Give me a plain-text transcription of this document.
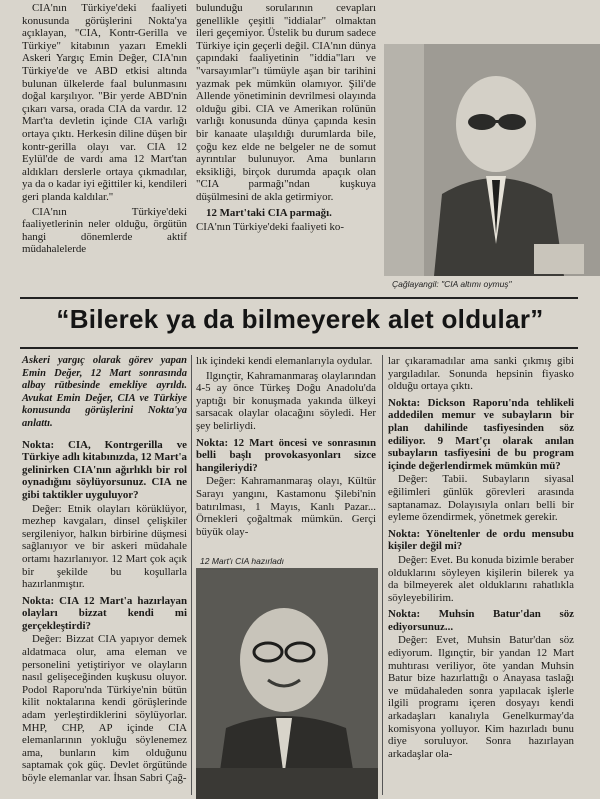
CIA'nın Türkiye'deki faaliyeti konusunda görüşlerini Nokta'ya açıklayan, "CIA, Kontr-Gerilla ve Türkiye" kitabının yazarı Emekli Askeri Yargıç Emin Değer, CIA'nın Türkiye'de ve ABD etkisi altında bulunan ülkelerde faal bulunmasını doğal karşılıyor. "Bir yerde ABD'nin çıkarı varsa, orada CIA da vardır. 12 Mart'ta devletin içinde CIA varlığı ortaya çıktı. Herkesin diline düşen bir kontr-gerilla olayı var. CIA 12 Eylül'de de vardı ama 12 Mart'tan aldıkları derslerle ortaya çıkmadılar, ya da o kadar iyi eğittiler ki, kendileri geri planda kaldılar."

CIA'nın Türkiye'deki faaliyetlerinin neler olduğu, örgütün hangi dönemlerde aktif müdahalelerde

bulunduğu sorularının cevapları genellikle çeşitli "iddialar" olmaktan ileri geçemiyor. Üstelik bu durum sadece Türkiye için geçerli değil. CIA'nın dünya çapındaki faaliyetinin "iddia"ları ve "varsayımlar"ı tümüyle aşan bir tarihini yazmak pek mümkün olamıyor. Şili'de Allende yönetiminin devrilmesi olayında olduğu gibi. CIA ve Amerikan rolünün varlığı konusunda dünya çapında kesin bir kanaate ulaşıldığı durumlarda bile, çoğu kez elde ne belgeler ne de somut ayrıntılar bulunuyor. Ama bunların eksikliği, birçok durumda apaçık olan "CIA parmağı"ndan kuşkuya düşülmesini de akla getirmiyor.

12 Mart'taki CIA parmağı.

CIA'nın Türkiye'deki faaliyeti ko-

Çağlayangil: "CIA altımı oymuş"
“Bilerek ya da bilmeyerek alet oldular”

Askeri yargıç olarak görev yapan Emin Değer, 12 Mart sonrasında albay rütbesinde emekliye ayrıldı. Avukat Emin Değer, CIA ve Türkiye konusunda görüşlerini Nokta'ya anlattı.

Nokta: CIA, Kontrgerilla ve Türkiye adlı kitabınızda, 12 Mart'a gelinirken CIA'nın ağırlıklı bir rol oynadığını söylüyorsunuz. CIA ne gibi taktikler uyguluyor?

Değer: Etnik olayları körüklüyor, mezhep kavgaları, dinsel çelişkiler sergileniyor, halkın birbirine düşmesi sağlanıyor ve bir askeri müdahale ortamı hazırlanıyor. 12 Mart çok açık bir şekilde bu koşullarla hazırlanmıştır.

Nokta: CIA 12 Mart'a hazırlayan olayları bizzat kendi mi gerçekleştirdi?

Değer: Bizzat CIA yapıyor demek aldatmaca olur, ama eleman ve personelini yetiştiriyor ve olayların nasıl gelişeceğinden kuşkusu oluyor. Podol Raporu'nda Türkiye'nin bütün kilit noktalarına kendi görüşlerinde adam yerleştirdiklerini söylüyorlar. MHP, CHP, AP içinde CIA elemanlarının yokluğu söylenemez ama, bunların kim olduğunu saptamak çok güç. Devlet örgütünde böyle elemanlar var. İhsan Sabri Çağ-

lık içindeki kendi elemanlarıyla oydular.

Ilgınçtir, Kahramanmaraş olaylarından 4-5 ay önce Türkeş Doğu Anadolu'da yaptığı bir konuşmada yakında ülkeyi sarsacak olaylar olacağını söyledi. Her şey belirliydi.

Nokta: 12 Mart öncesi ve sonrasının belli başlı provokasyonları sizce hangileriydi?

Değer: Kahramanmaraş olayı, Kültür Sarayı yangını, Kastamonu Şilebi'nin batırılması, 1 Mayıs, Kanlı Pazar... Örnekleri çoğaltmak mümkün. Gerçi büyük olay-

12 Mart'ı CIA hazırladı

lar çıkaramadılar ama sanki çıkmış gibi yargıladılar. Sonunda hepsinin fiyasko olduğu ortaya çıktı.

Nokta: Dickson Raporu'nda tehlikeli addedilen memur ve subayların bir plan dahilinde tasfiyesinden söz ediliyor. 9 Mart'çı olarak anılan subayların tasfiyesini de bu program içinde değerlendirmek mümkün mü?

Değer: Tabii. Subayların siyasal eğilimleri günlük görevleri arasında saptanamaz. Dolayısıyla onları belli bir eylemе özendirmek, yönetmek gerekir.

Nokta: Yöneltenler de ordu mensubu kişiler değil mi?

Değer: Evet. Bu konuda bizimle beraber olduklarını söyleyen kişilerin bilerek ya da bilmeyerek alet olduklarını rahatlıkla söyleyebilirim.

Nokta: Muhsin Batur'dan söz ediyorsunuz...

Değer: Evet, Muhsin Batur'dan söz ediyorum. Ilgınçtir, bir yandan 12 Mart muhtırası veriliyor, öte yandan Muhsin Batur bize hazırlattığı o Anayasa taslağı ve müdahaleden sonra yapılacak işlerle ilgili programı içeren dosyayı kendi arkadaşları kanalıyla Genelkurmay'da komisyona yolluyor. Kim hazırladı bunu diye soruluyor. Sonra hazırlayan arkadaşlar ola-
